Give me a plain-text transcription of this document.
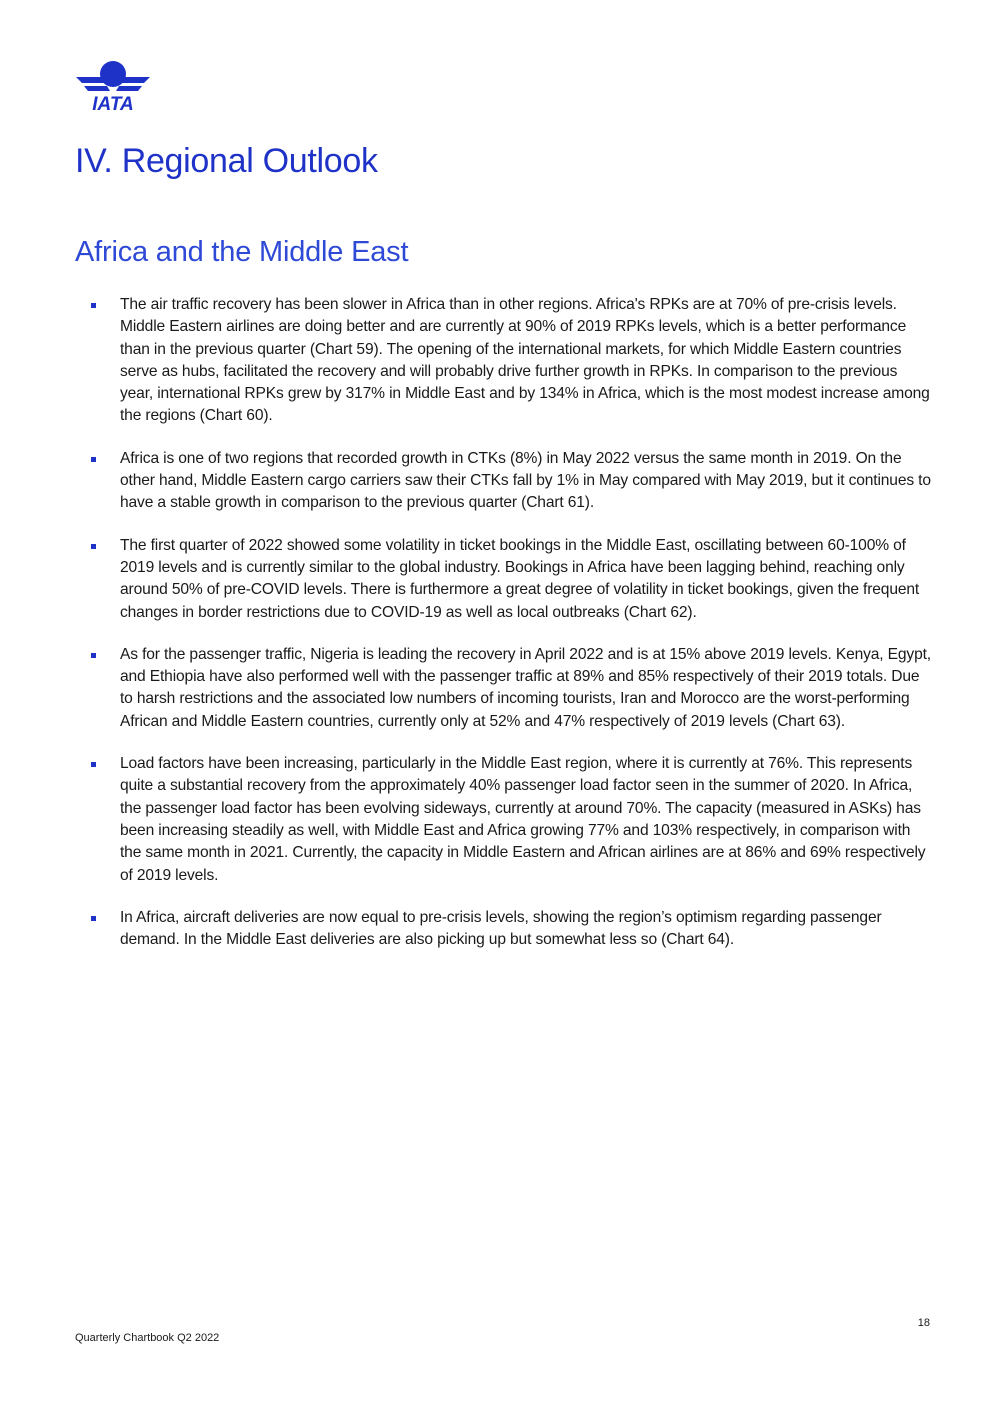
IATA
IV. Regional Outlook
Africa and the Middle East
The air traffic recovery has been slower in Africa than in other regions. Africa's RPKs are at 70% of pre-crisis levels. Middle Eastern airlines are doing better and are currently at 90% of 2019 RPKs levels, which is a better performance than in the previous quarter (Chart 59). The opening of the international markets, for which Middle Eastern countries serve as hubs, facilitated the recovery and will probably drive further growth in RPKs. In comparison to the previous year, international RPKs grew by 317% in Middle East and by 134% in Africa, which is the most modest increase among the regions (Chart 60).
Africa is one of two regions that recorded growth in CTKs (8%) in May 2022 versus the same month in 2019. On the other hand, Middle Eastern cargo carriers saw their CTKs fall by 1% in May compared with May 2019, but it continues to have a stable growth in comparison to the previous quarter (Chart 61).
The first quarter of 2022 showed some volatility in ticket bookings in the Middle East, oscillating between 60-100% of 2019 levels and is currently similar to the global industry. Bookings in Africa have been lagging behind, reaching only around 50% of pre-COVID levels. There is furthermore a great degree of volatility in ticket bookings, given the frequent changes in border restrictions due to COVID-19 as well as local outbreaks (Chart 62).
As for the passenger traffic, Nigeria is leading the recovery in April 2022 and is at 15% above 2019 levels. Kenya, Egypt, and Ethiopia have also performed well with the passenger traffic at 89% and 85% respectively of their 2019 totals. Due to harsh restrictions and the associated low numbers of incoming tourists, Iran and Morocco are the worst-performing African and Middle Eastern countries, currently only at 52% and 47% respectively of 2019 levels (Chart 63).
Load factors have been increasing, particularly in the Middle East region, where it is currently at 76%. This represents quite a substantial recovery from the approximately 40% passenger load factor seen in the summer of 2020. In Africa, the passenger load factor has been evolving sideways, currently at around 70%. The capacity (measured in ASKs) has been increasing steadily as well, with Middle East and Africa growing 77% and 103% respectively, in comparison with the same month in 2021. Currently, the capacity in Middle Eastern and African airlines are at 86% and 69% respectively of 2019 levels.
In Africa, aircraft deliveries are now equal to pre-crisis levels, showing the region’s optimism regarding passenger demand. In the Middle East deliveries are also picking up but somewhat less so (Chart 64).
18
Quarterly Chartbook Q2 2022
